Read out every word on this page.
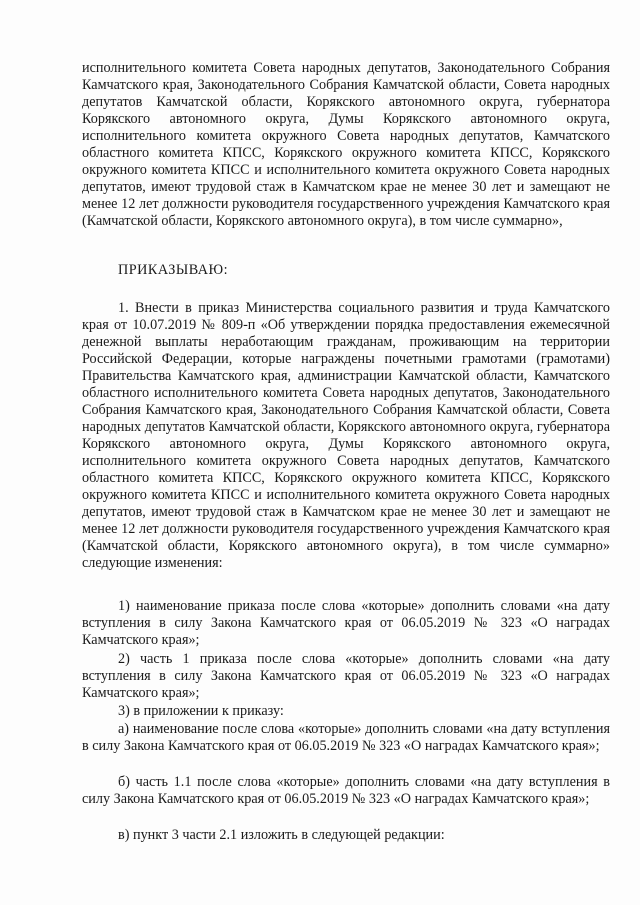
исполнительного комитета Совета народных депутатов, Законодательного Собрания Камчатского края, Законодательного Собрания Камчатской области, Совета народных депутатов Камчатской области, Корякского автономного округа, губернатора Корякского автономного округа, Думы Корякского автономного округа, исполнительного комитета окружного Совета народных депутатов, Камчатского областного комитета КПСС, Корякского окружного комитета КПСС, Корякского окружного комитета КПСС и исполнительного комитета окружного Совета народных депутатов, имеют трудовой стаж в Камчатском крае не менее 30 лет и замещают не менее 12 лет должности руководителя государственного учреждения Камчатского края (Камчатской области, Корякского автономного округа), в том числе суммарно»,

ПРИКАЗЫВАЮ:

1. Внести в приказ Министерства социального развития и труда Камчатского края от 10.07.2019 № 809-п «Об утверждении порядка предоставления ежемесячной денежной выплаты неработающим гражданам, проживающим на территории Российской Федерации, которые награждены почетными грамотами (грамотами) Правительства Камчатского края, администрации Камчатской области, Камчатского областного исполнительного комитета Совета народных депутатов, Законодательного Собрания Камчатского края, Законодательного Собрания Камчатской области, Совета народных депутатов Камчатской области, Корякского автономного округа, губернатора Корякского автономного округа, Думы Корякского автономного округа, исполнительного комитета окружного Совета народных депутатов, Камчатского областного комитета КПСС, Корякского окружного комитета КПСС, Корякского окружного комитета КПСС и исполнительного комитета окружного Совета народных депутатов, имеют трудовой стаж в Камчатском крае не менее 30 лет и замещают не менее 12 лет должности руководителя государственного учреждения Камчатского края (Камчатской области, Корякского автономного округа), в том числе суммарно» следующие изменения:

1) наименование приказа после слова «которые» дополнить словами «на дату вступления в силу Закона Камчатского края от 06.05.2019 № 323 «О наградах Камчатского края»;

2) часть 1 приказа после слова «которые» дополнить словами «на дату вступления в силу Закона Камчатского края от 06.05.2019 № 323 «О наградах Камчатского края»;

3) в приложении к приказу:

а) наименование после слова «которые» дополнить словами «на дату вступления в силу Закона Камчатского края от 06.05.2019 № 323 «О наградах Камчатского края»;

б) часть 1.1 после слова «которые» дополнить словами «на дату вступления в силу Закона Камчатского края от 06.05.2019 № 323 «О наградах Камчатского края»;

в) пункт 3 части 2.1 изложить в следующей редакции:
